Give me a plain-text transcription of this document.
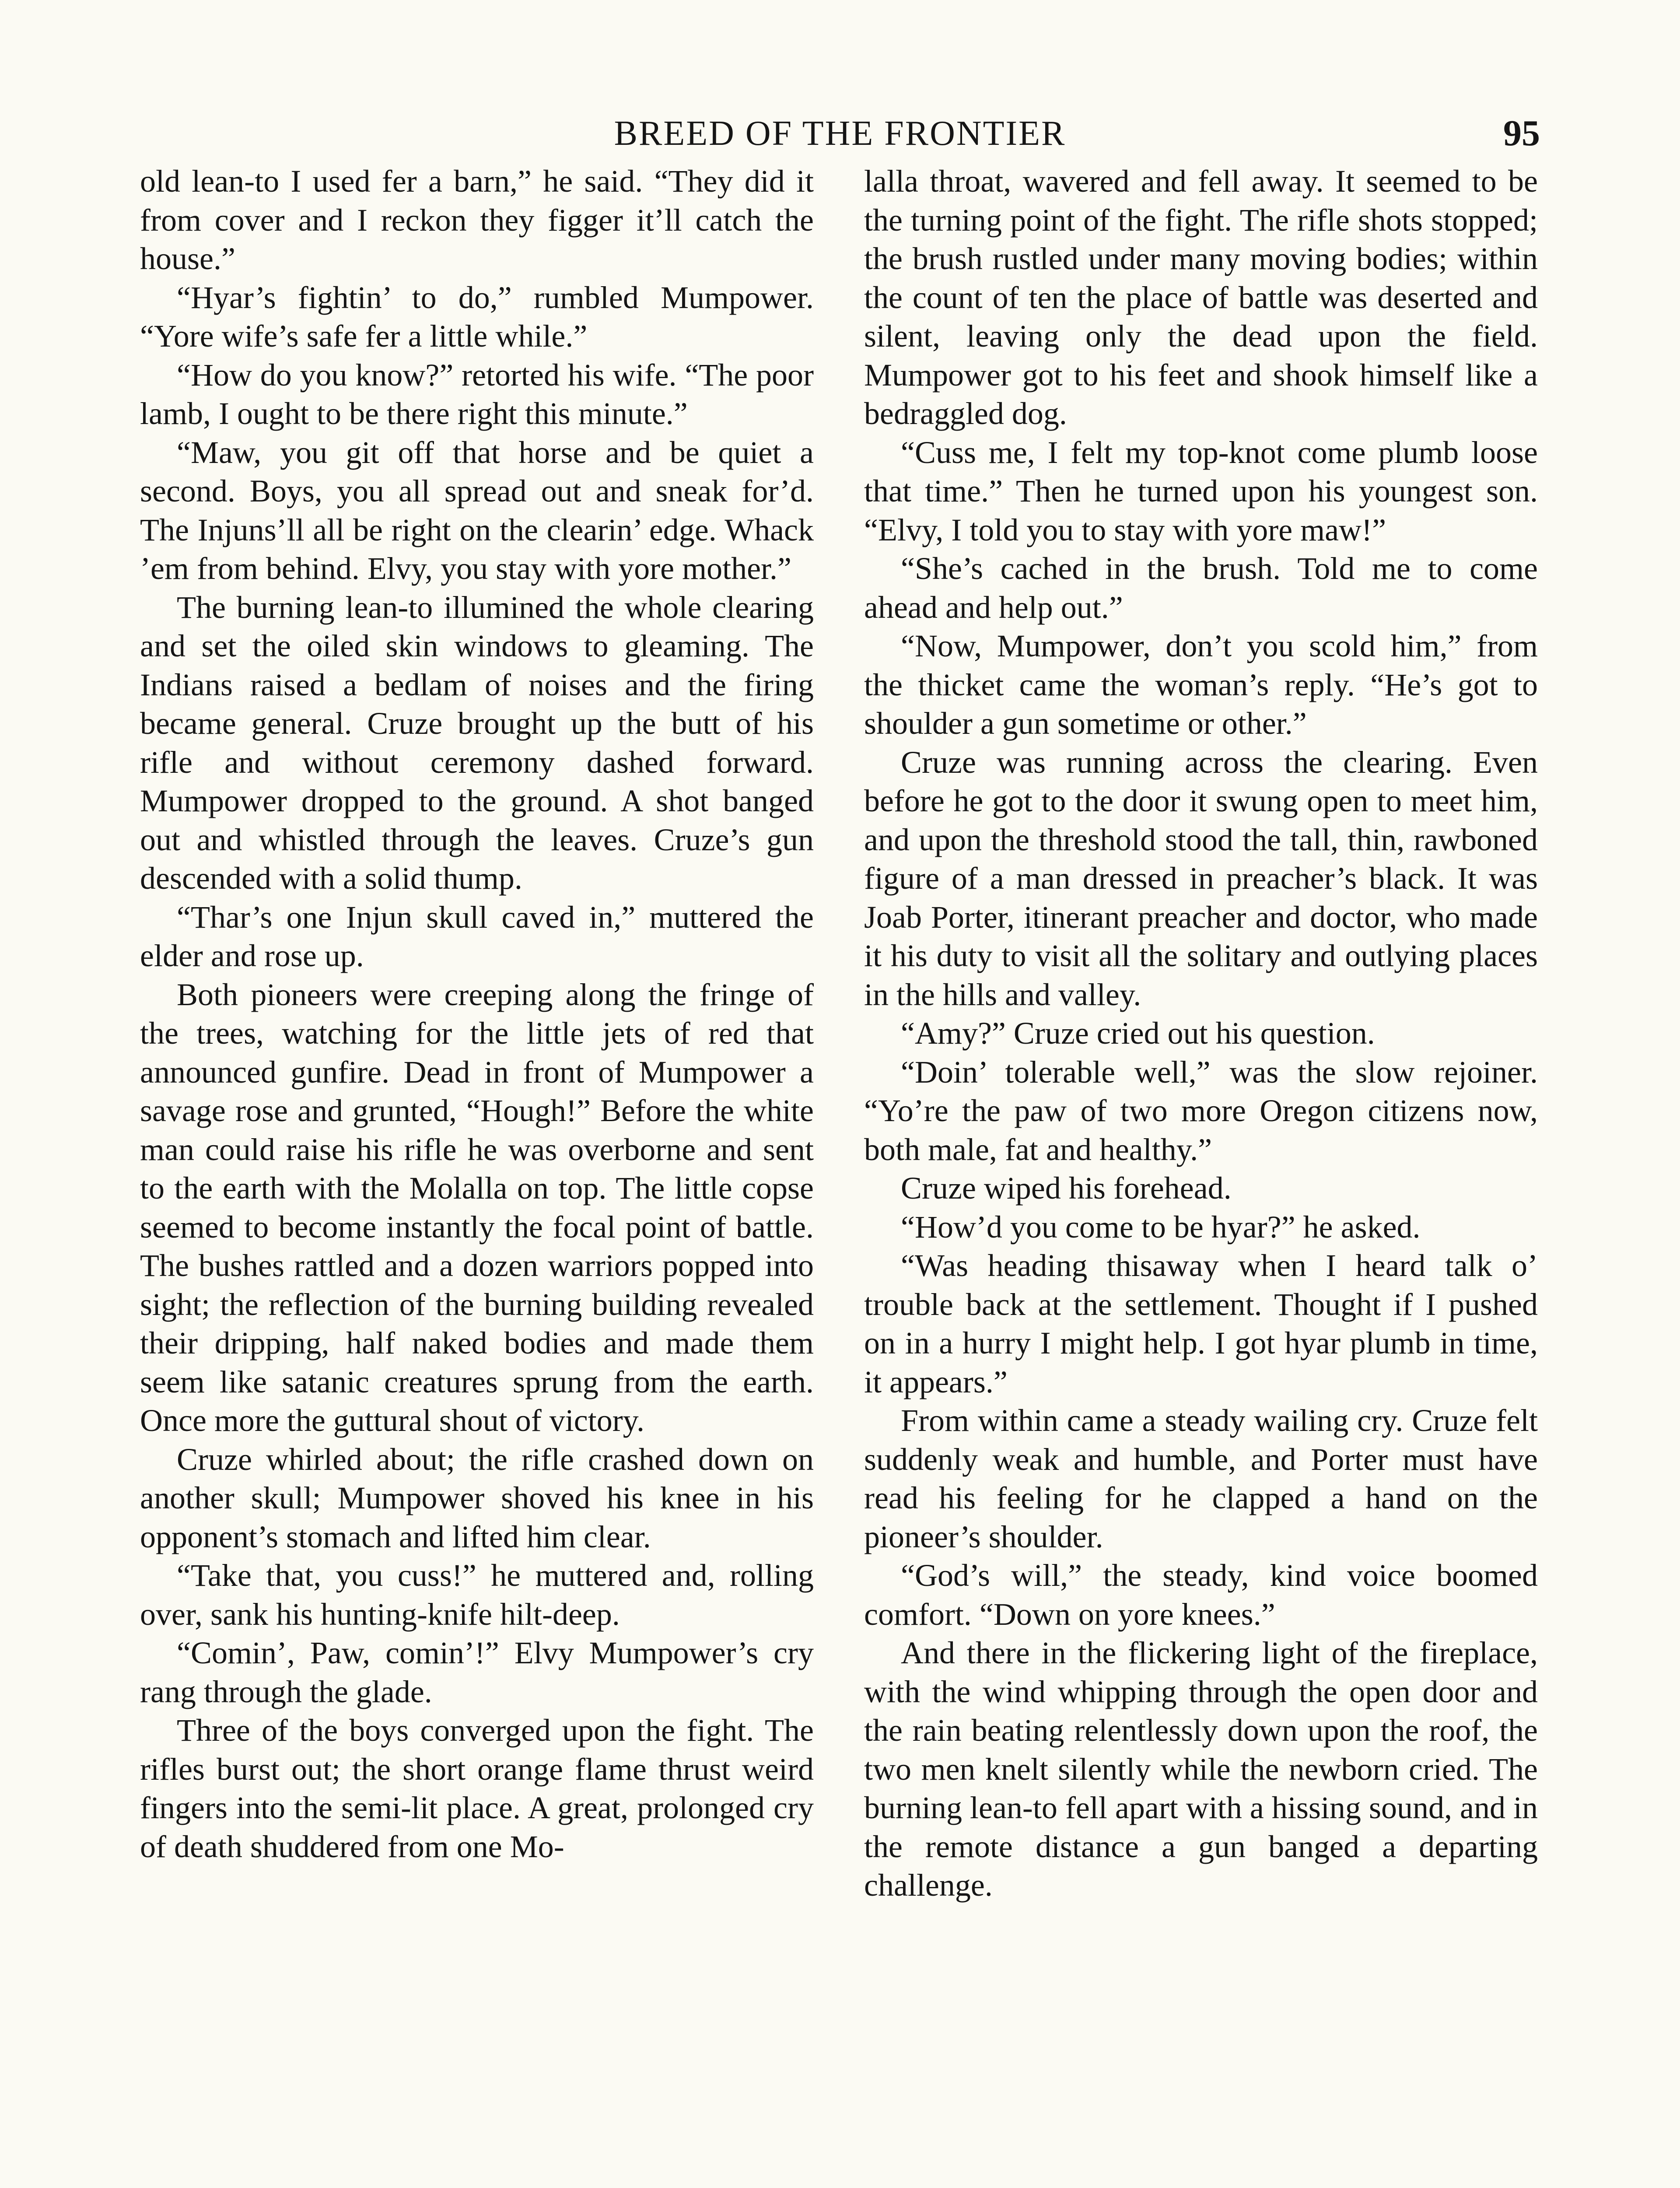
BREED OF THE FRONTIER	95

old lean-to I used fer a barn,” he said. “They did it from cover and I reckon they figger it’ll catch the house.”

“Hyar’s fightin’ to do,” rumbled Mumpower. “Yore wife’s safe fer a little while.”

“How do you know?” retorted his wife. “The poor lamb, I ought to be there right this minute.”

“Maw, you git off that horse and be quiet a second. Boys, you all spread out and sneak for’d. The Injuns’ll all be right on the clearin’ edge. Whack ’em from behind. Elvy, you stay with yore mother.”

The burning lean-to illumined the whole clearing and set the oiled skin windows to gleaming. The Indians raised a bedlam of noises and the firing became general. Cruze brought up the butt of his rifle and without ceremony dashed forward. Mumpower dropped to the ground. A shot banged out and whistled through the leaves. Cruze’s gun descended with a solid thump.

“Thar’s one Injun skull caved in,” muttered the elder and rose up.

Both pioneers were creeping along the fringe of the trees, watching for the little jets of red that announced gunfire. Dead in front of Mumpower a savage rose and grunted, “Hough!” Before the white man could raise his rifle he was overborne and sent to the earth with the Molalla on top. The little copse seemed to become instantly the focal point of battle. The bushes rattled and a dozen warriors popped into sight; the reflection of the burning building revealed their dripping, half naked bodies and made them seem like satanic creatures sprung from the earth. Once more the guttural shout of victory.

Cruze whirled about; the rifle crashed down on another skull; Mumpower shoved his knee in his opponent’s stomach and lifted him clear.

“Take that, you cuss!” he muttered and, rolling over, sank his hunting-knife hilt-deep.

“Comin’, Paw, comin’!” Elvy Mumpower’s cry rang through the glade.

Three of the boys converged upon the fight. The rifles burst out; the short orange flame thrust weird fingers into the semi-lit place. A great, prolonged cry of death shuddered from one Mo-

lalla throat, wavered and fell away. It seemed to be the turning point of the fight. The rifle shots stopped; the brush rustled under many moving bodies; within the count of ten the place of battle was deserted and silent, leaving only the dead upon the field. Mumpower got to his feet and shook himself like a bedraggled dog.

“Cuss me, I felt my top-knot come plumb loose that time.” Then he turned upon his youngest son. “Elvy, I told you to stay with yore maw!”

“She’s cached in the brush. Told me to come ahead and help out.”

“Now, Mumpower, don’t you scold him,” from the thicket came the woman’s reply. “He’s got to shoulder a gun sometime or other.”

Cruze was running across the clearing. Even before he got to the door it swung open to meet him, and upon the threshold stood the tall, thin, rawboned figure of a man dressed in preacher’s black. It was Joab Porter, itinerant preacher and doctor, who made it his duty to visit all the solitary and outlying places in the hills and valley.

“Amy?” Cruze cried out his question.

“Doin’ tolerable well,” was the slow rejoiner. “Yo’re the paw of two more Oregon citizens now, both male, fat and healthy.”

Cruze wiped his forehead.

“How’d you come to be hyar?” he asked.

“Was heading thisaway when I heard talk o’ trouble back at the settlement. Thought if I pushed on in a hurry I might help. I got hyar plumb in time, it appears.”

From within came a steady wailing cry. Cruze felt suddenly weak and humble, and Porter must have read his feeling for he clapped a hand on the pioneer’s shoulder.

“God’s will,” the steady, kind voice boomed comfort. “Down on yore knees.”

And there in the flickering light of the fireplace, with the wind whipping through the open door and the rain beating relentlessly down upon the roof, the two men knelt silently while the newborn cried. The burning lean-to fell apart with a hissing sound, and in the remote distance a gun banged a departing challenge.
